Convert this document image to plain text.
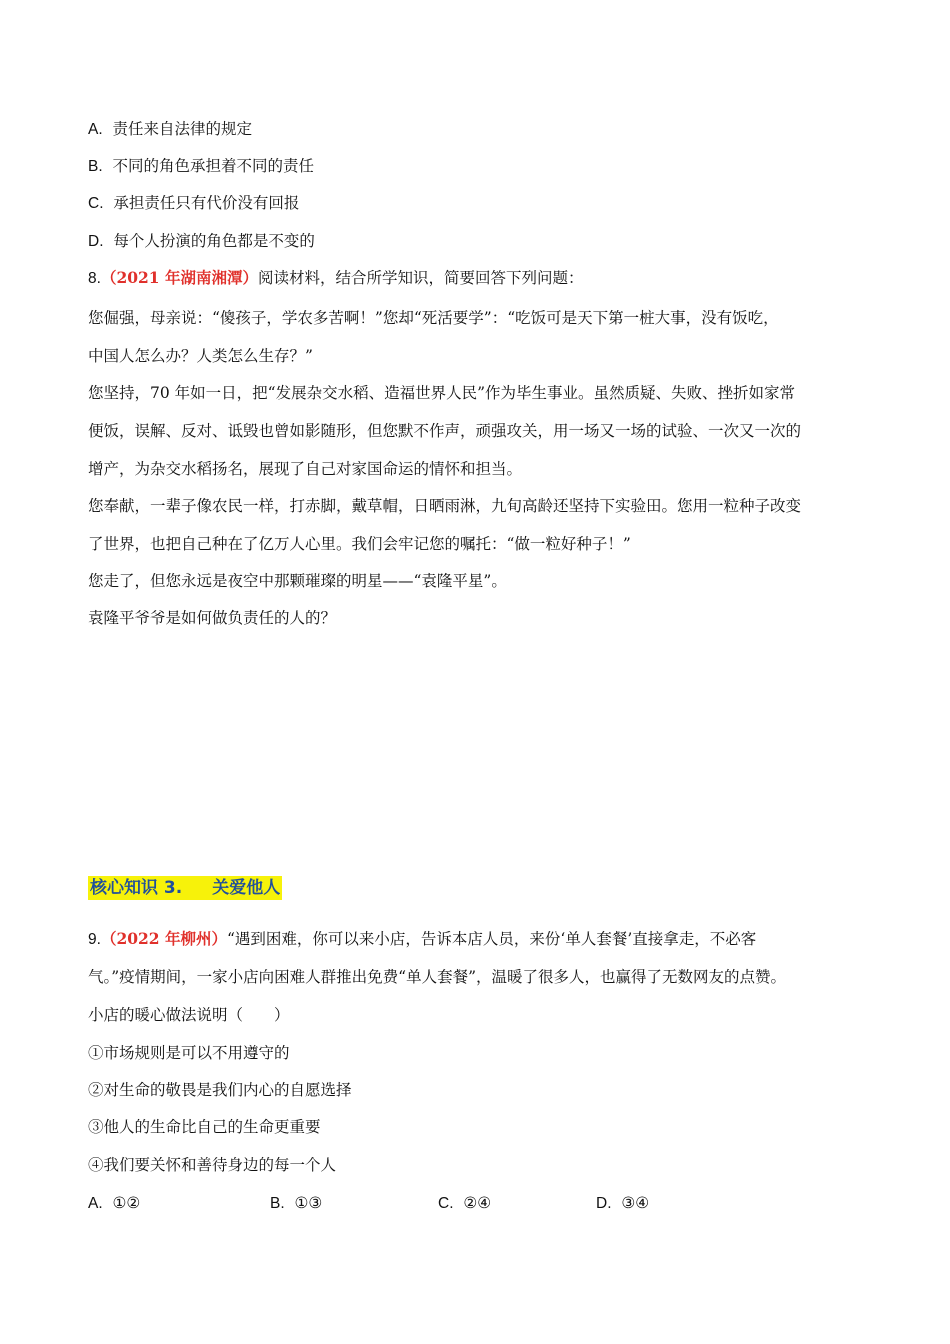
A. 责任来自法律的规定
B. 不同的角色承担着不同的责任
C. 承担责任只有代价没有回报
D. 每个人扮演的角色都是不变的
8.（2021 年湖南湘潭）阅读材料，结合所学知识，简要回答下列问题：
您倔强，母亲说：“傻孩子，学农多苦啊！”您却“死活要学”：“吃饭可是天下第一桩大事，没有饭吃，
中国人怎么办？人类怎么生存？”
您坚持，70 年如一日，把“发展杂交水稻、造福世界人民”作为毕生事业。虽然质疑、失败、挫折如家常
便饭，误解、反对、诋毁也曾如影随形，但您默不作声，顽强攻关，用一场又一场的试验、一次又一次的
增产，为杂交水稻扬名，展现了自己对家国命运的情怀和担当。
您奉献，一辈子像农民一样，打赤脚，戴草帽，日晒雨淋，九旬高龄还坚持下实验田。您用一粒种子改变
了世界，也把自己种在了亿万人心里。我们会牢记您的嘱托：“做一粒好种子！”
您走了，但您永远是夜空中那颗璀璨的明星——“袁隆平星”。
袁隆平爷爷是如何做负责任的人的？
核心知识 3. 关爱他人
9.（2022 年柳州）“遇到困难，你可以来小店，告诉本店人员，来份‘单人套餐’直接拿走，不必客
气。”疫情期间，一家小店向困难人群推出免费“单人套餐”，温暖了很多人，也赢得了无数网友的点赞。
小店的暖心做法说明（　　）
①市场规则是可以不用遵守的
②对生命的敬畏是我们内心的自愿选择
③他人的生命比自己的生命更重要
④我们要关怀和善待身边的每一个人
A. ①②	B. ①③	C. ②④	D. ③④
